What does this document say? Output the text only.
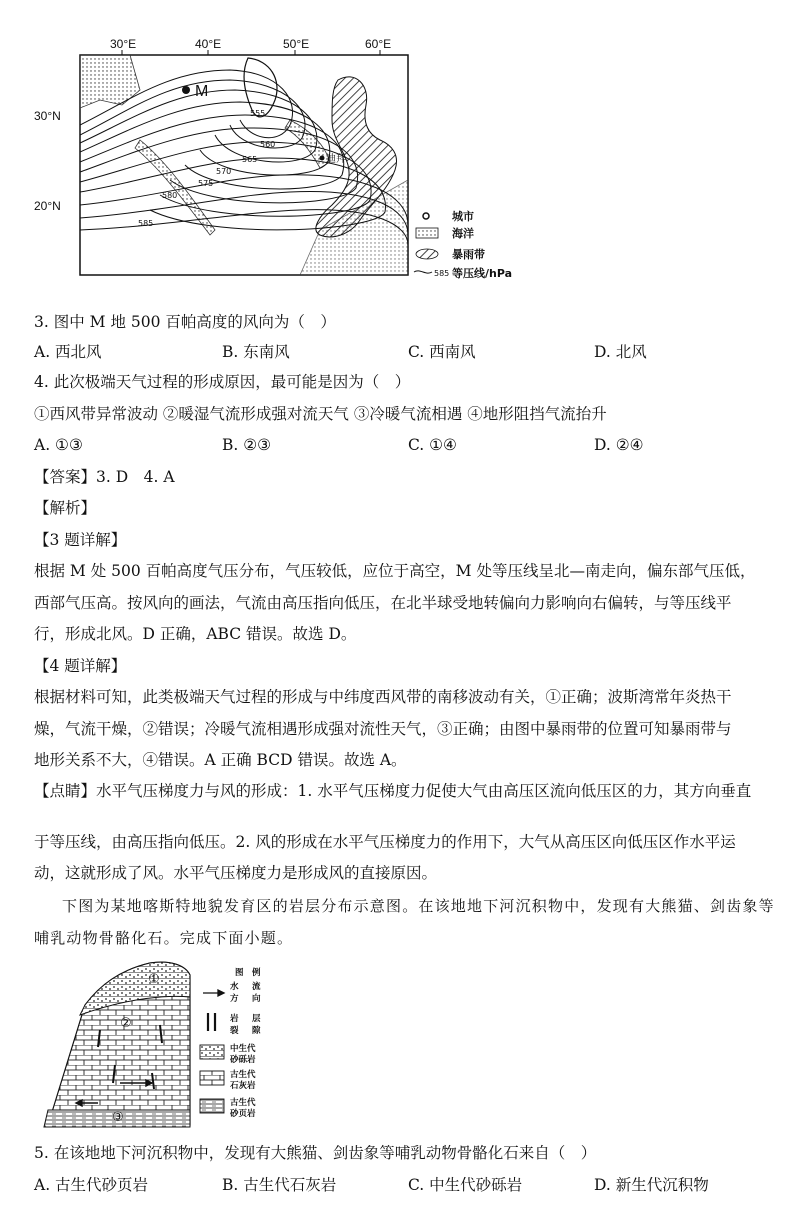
30°E	40°E	50°E	60°E
M
迪拜
555
560
565
570
575
580
585
30°N
20°N
城市
海洋
暴雨带
585 等压线/hPa
3. 图中 M 地 500 百帕高度的风向为（　）
A. 西北风	B. 东南风	C. 西南风	D. 北风
4. 此次极端天气过程的形成原因，最可能是因为（　）
①西风带异常波动 ②暖湿气流形成强对流天气 ③冷暖气流相遇 ④地形阻挡气流抬升
A. ①③	B. ②③	C. ①④	D. ②④
【答案】3. D　4. A
【解析】
【3 题详解】
根据 M 处 500 百帕高度气压分布，气压较低，应位于高空，M 处等压线呈北—南走向，偏东部气压低，
西部气压高。按风向的画法，气流由高压指向低压，在北半球受地转偏向力影响向右偏转，与等压线平
行，形成北风。D 正确，ABC 错误。故选 D。
【4 题详解】
根据材料可知，此类极端天气过程的形成与中纬度西风带的南移波动有关，①正确；波斯湾常年炎热干
燥，气流干燥，②错误；冷暖气流相遇形成强对流性天气，③正确；由图中暴雨带的位置可知暴雨带与
地形关系不大，④错误。A 正确 BCD 错误。故选 A。
【点睛】水平气压梯度力与风的形成：1. 水平气压梯度力促使大气由高压区流向低压区的力，其方向垂直
于等压线，由高压指向低压。2. 风的形成在水平气压梯度力的作用下，大气从高压区向低压区作水平运
动，这就形成了风。水平气压梯度力是形成风的直接原因。
下图为某地喀斯特地貌发育区的岩层分布示意图。在该地地下河沉积物中，发现有大熊猫、剑齿象等
哺乳动物骨骼化石。完成下面小题。
①
②
③
图　例
水 流
方 向
岩 层
裂 隙
中生代
砂砾岩
古生代
石灰岩
古生代
砂页岩
5. 在该地地下河沉积物中，发现有大熊猫、剑齿象等哺乳动物骨骼化石来自（　）
A. 古生代砂页岩	B. 古生代石灰岩	C. 中生代砂砾岩	D. 新生代沉积物
